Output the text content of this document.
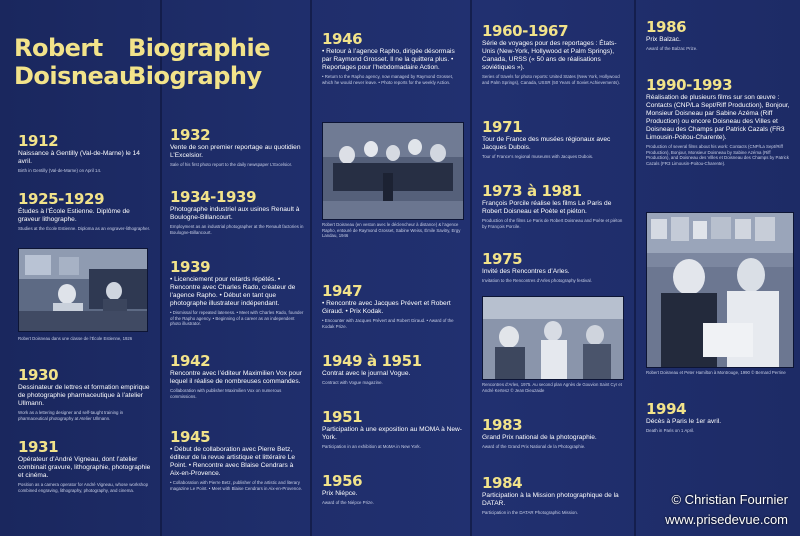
Robert
Doisneau
Biographie
Biography
1912
Naissance à Gentilly (Val-de-Marne) le 14 avril.
Birth in Gentilly (Val-de-Marne) on April 14.
1925-1929
Études à l’École Estienne. Diplôme de graveur lithographe.
Studies at the École Estienne. Diploma as an engraver-lithographer.
Robert Doisneau dans une classe de l’École Estienne, 1926
1930
Dessinateur de lettres et formation empirique de photographie pharmaceutique à l’atelier Ullmann.
Work as a lettering designer and self-taught training in pharmaceutical photography at Atelier Ullmann.
1931
Opérateur d’André Vigneau, dont l’atelier combinait gravure, lithographie, photographie et cinéma.
Position as a camera operator for André Vigneau, whose workshop combined engraving, lithography, photography, and cinema.
1932
Vente de son premier reportage au quotidien L’Excelsior.
Sale of his first photo report to the daily newspaper L’Excelsior.
1934-1939
Photographe industriel aux usines Renault à Boulogne-Billancourt.
Employment as an industrial photographer at the Renault factories in Boulogne-Billancourt.
1939
• Licenciement pour retards répétés. • Rencontre avec Charles Rado, créateur de l’agence Rapho. • Début en tant que photographe illustrateur indépendant.
• Dismissal for repeated lateness. • Meet with Charles Rado, founder of the Rapho agency. • Beginning of a career as an independent photo illustrator.
1942
Rencontre avec l’éditeur Maximilien Vox pour lequel il réalise de nombreuses commandes.
Collaboration with publisher Maximilien Vox on numerous commissions.
1945
• Début de collaboration avec Pierre Betz, éditeur de la revue artistique et littéraire Le Point. • Rencontre avec Blaise Cendrars à Aix-en-Provence.
• Collaboration with Pierre Betz, publisher of the artistic and literary magazine Le Point. • Meet with Blaise Cendrars in Aix-en-Provence.
1946
• Retour à l’agence Rapho, dirigée désormais par Raymond Grosset. Il ne la quittera plus. • Reportages pour l’hebdomadaire Action.
• Return to the Rapho agency, now managed by Raymond Grosset, which he would never leave. • Photo reports for the weekly Action.
Robert Doisneau (en veston avec le déclencheur à distance) & l’agence Rapho, entouré de Raymond Grosset, Sabine Weiss, Émile Savitry, Ergy Landau, 1946
1947
• Rencontre avec Jacques Prévert et Robert Giraud. • Prix Kodak.
• Encounter with Jacques Prévert and Robert Giraud. • Award of the Kodak Prize.
1949 à 1951
Contrat avec le journal Vogue.
Contract with Vogue magazine.
1951
Participation à une exposition au MOMA à New-York.
Participation in an exhibition at MoMA in New York.
1956
Prix Niépce.
Award of the Niépce Prize.
1960-1967
Série de voyages pour des reportages : États-Unis (New-York, Hollywood et Palm Springs), Canada, URSS (« 50 ans de réalisations soviétiques »).
Series of travels for photo reports: United States (New York, Hollywood and Palm Springs), Canada, USSR (50 Years of Soviet Achievements).
1971
Tour de France des musées régionaux avec Jacques Dubois.
Tour of France’s regional museums with Jacques Dubois.
1973 à 1981
François Porcile réalise les films Le Paris de Robert Doisneau et Poète et piéton.
Production of the films Le Paris de Robert Doisneau and Poète et piéton by François Porcile.
1975
Invité des Rencontres d’Arles.
Invitation to the Rencontres d’Arles photography festival.
Rencontres d’Arles, 1975. Au second plan Agnès de Gouvion Saint Cyr et André Kertesz © Jean Dieuzaide
1983
Grand Prix national de la photographie.
Award of the Grand Prix National de la Photographie.
1984
Participation à la Mission photographique de la DATAR.
Participation in the DATAR Photographic Mission.
1986
Prix Balzac.
Award of the Balzac Prize.
1990-1993
Réalisation de plusieurs films sur son œuvre : Contacts (CNP/La Sept/Riff Production), Bonjour, Monsieur Doisneau par Sabine Azéma (Riff Production) ou encore Doisneau des Villes et Doisneau des Champs par Patrick Cazals (FR3 Limousin-Poitou-Charente).
Production of several films about his work: Contacts (CNP/La Sept/Riff Production), Bonjour, Monsieur Doisneau by Sabine Azéma (Riff Production), and Doisneau des Villes et Doisneau des Champs by Patrick Cazals (FR3 Limousin-Poitou-Charente).
Robert Doisneau et Peter Hamilton à Montrouge, 1990 © Bernard Perrine
1994
Décès à Paris le 1er avril.
Death in Paris on 1 April.
© Christian Fournier
www.prisedevue.com
